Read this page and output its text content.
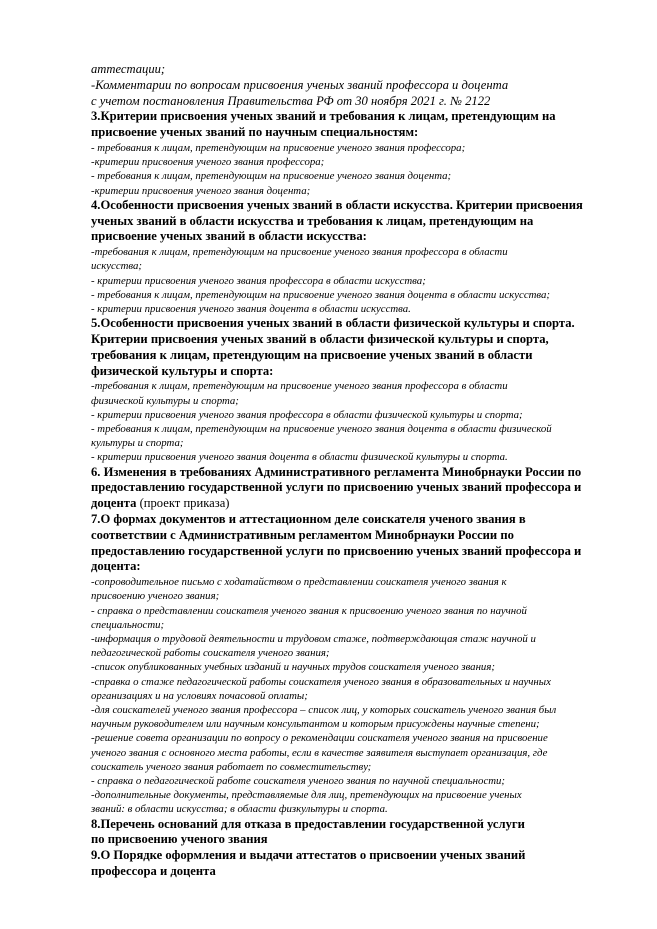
аттестации;
-Комментарии по вопросам присвоения ученых званий профессора и доцента
с учетом постановления Правительства РФ от 30 ноября 2021 г. № 2122
3.Критерии присвоения ученых званий и требования к лицам, претендующим на
присвоение ученых званий по научным специальностям:
- требования к лицам, претендующим на присвоение ученого звания профессора;
-критерии присвоения ученого звания профессора;
- требования к лицам, претендующим на присвоение ученого звания доцента;
-критерии присвоения ученого звания доцента;
4.Особенности присвоения ученых званий в области искусства. Критерии присвоения
ученых званий в области искусства и требования к лицам, претендующим на
присвоение ученых званий в области искусства:
-требования к лицам, претендующим на присвоение ученого звания профессора в области
искусства;
- критерии присвоения ученого звания профессора в области искусства;
- требования к лицам, претендующим на присвоение ученого звания доцента в области искусства;
- критерии присвоения ученого звания доцента в области искусства.
5.Особенности присвоения ученых званий в области физической культуры и спорта.
Критерии присвоения ученых званий в области физической культуры и спорта,
требования к лицам, претендующим на присвоение ученых званий в области
физической культуры и спорта:
-требования к лицам, претендующим на присвоение ученого звания профессора в области
физической культуры и спорта;
- критерии присвоения ученого звания профессора в области физической культуры и спорта;
- требования к лицам, претендующим на присвоение ученого звания доцента в области физической
культуры и спорта;
- критерии присвоения ученого звания доцента в области физической культуры и спорта.
6. Изменения в требованиях Административного регламента Минобрнауки России по
предоставлению государственной услуги по присвоению ученых званий профессора и
доцента (проект приказа)
7.О формах документов и аттестационном деле соискателя ученого звания в
соответствии с Административным регламентом Минобрнауки России по
предоставлению государственной услуги по присвоению ученых званий профессора и
доцента:
-сопроводительное письмо с ходатайством о представлении соискателя ученого звания к
присвоению ученого звания;
- справка о представлении соискателя ученого звания к присвоению ученого звания по научной
специальности;
-информация о трудовой деятельности и трудовом стаже, подтверждающая стаж научной и
педагогической работы соискателя ученого звания;
-список опубликованных учебных изданий и научных трудов соискателя ученого звания;
-справка о стаже педагогической работы соискателя ученого звания в образовательных и научных
организациях и на условиях почасовой оплаты;
-для соискателей ученого звания профессора – список лиц, у которых соискатель ученого звания был
научным руководителем или научным консультантом и которым присуждены научные степени;
-решение совета организации по вопросу о рекомендации соискателя ученого звания на присвоение
ученого звания с основного места работы, если в качестве заявителя выступает организация, где
соискатель ученого звания работает по совместительству;
- справка о педагогической работе соискателя ученого звания по научной специальности;
-дополнительные документы, представляемые для лиц, претендующих на присвоение ученых
званий: в области искусства; в области физкультуры и спорта.
8.Перечень оснований для отказа в предоставлении государственной услуги
по присвоению ученого звания
9.О Порядке оформления и выдачи аттестатов о присвоении ученых званий
профессора и доцента
